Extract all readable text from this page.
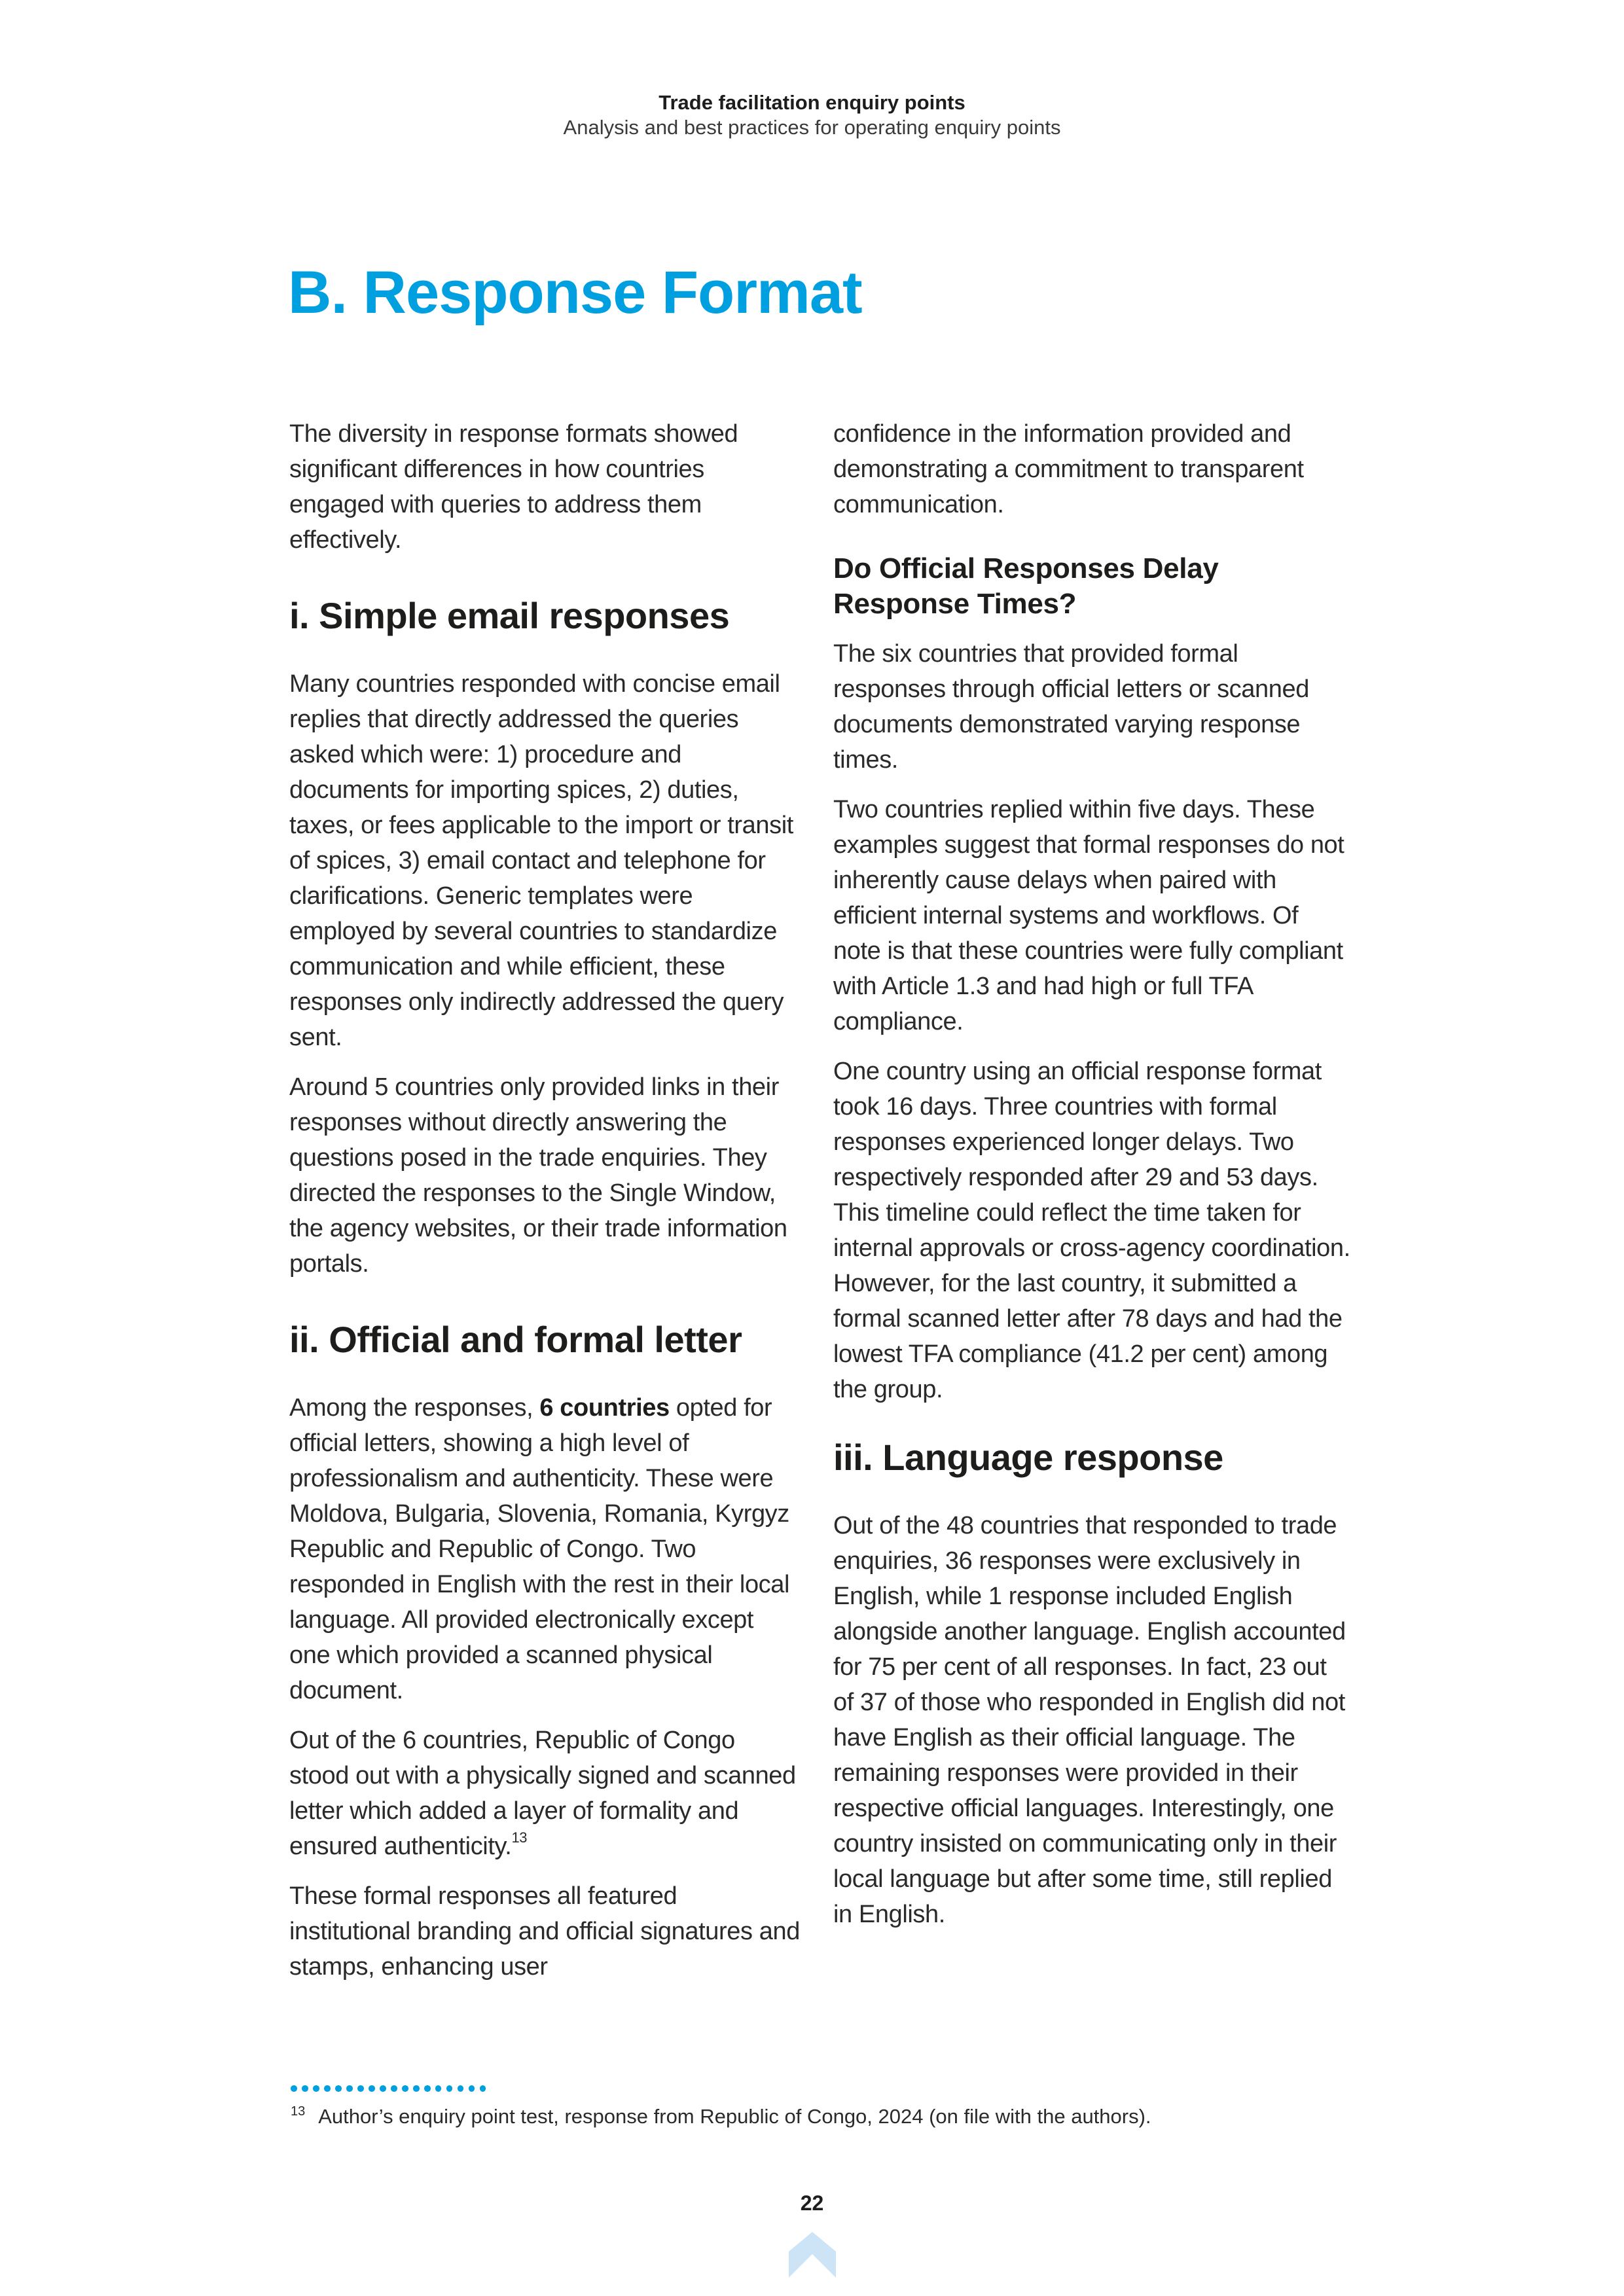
Trade facilitation enquiry points
Analysis and best practices for operating enquiry points
B. Response Format

The diversity in response formats showed significant differences in how countries engaged with queries to address them effectively.

i. Simple email responses

Many countries responded with concise email replies that directly addressed the queries asked which were: 1) procedure and documents for importing spices, 2) duties, taxes, or fees applicable to the import or transit of spices, 3) email contact and telephone for clarifications. Generic templates were employed by several countries to standardize communication and while efficient, these responses only indirectly addressed the query sent.

Around 5 countries only provided links in their responses without directly answering the questions posed in the trade enquiries. They directed the responses to the Single Window, the agency websites, or their trade information portals.

ii. Official and formal letter

Among the responses, 6 countries opted for official letters, showing a high level of professionalism and authenticity. These were Moldova, Bulgaria, Slovenia, Romania, Kyrgyz Republic and Republic of Congo. Two responded in English with the rest in their local language. All provided electronically except one which provided a scanned physical document.

Out of the 6 countries, Republic of Congo stood out with a physically signed and scanned letter which added a layer of formality and ensured authenticity.$^{13}$

These formal responses all featured institutional branding and official signatures and stamps, enhancing user

confidence in the information provided and demonstrating a commitment to transparent communication.

Do Official Responses Delay Response Times?

The six countries that provided formal responses through official letters or scanned documents demonstrated varying response times.

Two countries replied within five days. These examples suggest that formal responses do not inherently cause delays when paired with efficient internal systems and workflows. Of note is that these countries were fully compliant with Article 1.3 and had high or full TFA compliance.

One country using an official response format took 16 days. Three countries with formal responses experienced longer delays. Two respectively responded after 29 and 53 days. This timeline could reflect the time taken for internal approvals or cross-agency coordination. However, for the last country, it submitted a formal scanned letter after 78 days and had the lowest TFA compliance (41.2 per cent) among the group.

iii. Language response

Out of the 48 countries that responded to trade enquiries, 36 responses were exclusively in English, while 1 response included English alongside another language. English accounted for 75 per cent of all responses. In fact, 23 out of 37 of those who responded in English did not have English as their official language. The remaining responses were provided in their respective official languages. Interestingly, one country insisted on communicating only in their local language but after some time, still replied in English.

$^{13}$ Author’s enquiry point test, response from Republic of Congo, 2024 (on file with the authors).
22
